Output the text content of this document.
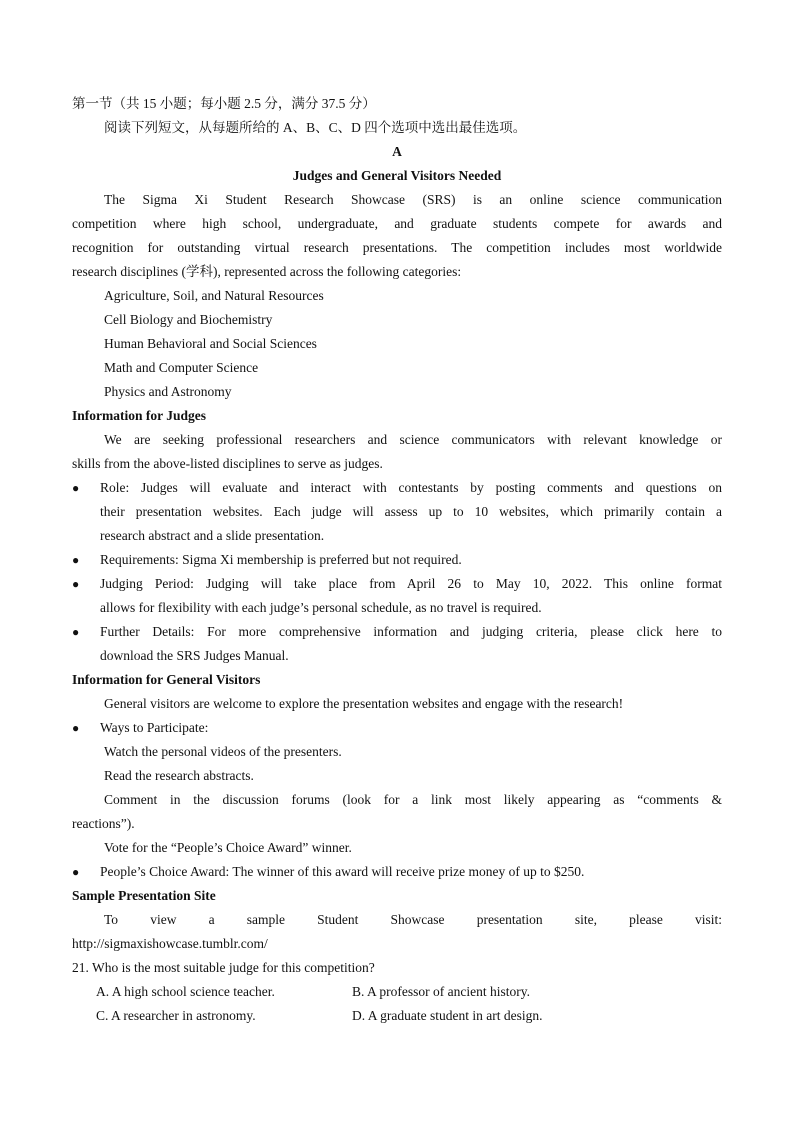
第一节（共 15 小题；每小题 2.5 分，满分 37.5 分）
阅读下列短文，从每题所给的 A、B、C、D 四个选项中选出最佳选项。
A
Judges and General Visitors Needed
The Sigma Xi Student Research Showcase (SRS) is an online science communication
competition where high school, undergraduate, and graduate students compete for awards and
recognition for outstanding virtual research presentations. The competition includes most worldwide
research disciplines (学科), represented across the following categories:
Agriculture, Soil, and Natural Resources
Cell Biology and Biochemistry
Human Behavioral and Social Sciences
Math and Computer Science
Physics and Astronomy
Information for Judges
We are seeking professional researchers and science communicators with relevant knowledge or
skills from the above-listed disciplines to serve as judges.
● Role: Judges will evaluate and interact with contestants by posting comments and questions on
their presentation websites. Each judge will assess up to 10 websites, which primarily contain a
research abstract and a slide presentation.
● Requirements: Sigma Xi membership is preferred but not required.
● Judging Period: Judging will take place from April 26 to May 10, 2022. This online format
allows for flexibility with each judge’s personal schedule, as no travel is required.
● Further Details: For more comprehensive information and judging criteria, please click here to
download the SRS Judges Manual.
Information for General Visitors
General visitors are welcome to explore the presentation websites and engage with the research!
● Ways to Participate:
Watch the personal videos of the presenters.
Read the research abstracts.
Comment in the discussion forums (look for a link most likely appearing as “comments &
reactions”).
Vote for the “People’s Choice Award” winner.
● People’s Choice Award: The winner of this award will receive prize money of up to $250.
Sample Presentation Site
To view a sample Student Showcase presentation site, please visit:
http://sigmaxishowcase.tumblr.com/
21. Who is the most suitable judge for this competition?
A. A high school science teacher.	B. A professor of ancient history.
C. A researcher in astronomy.	D. A graduate student in art design.
